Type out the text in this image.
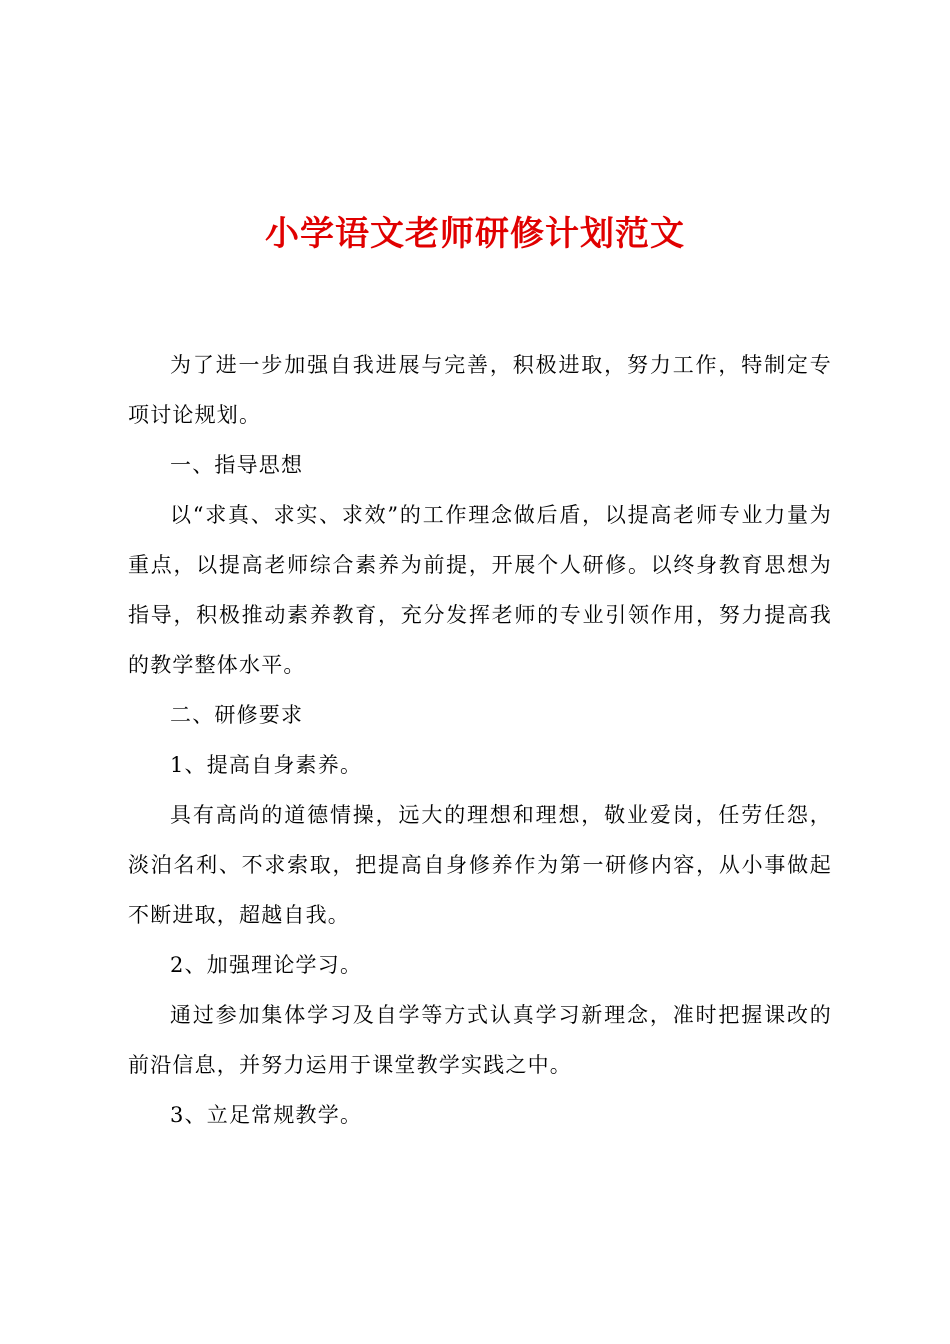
小学语文老师研修计划范文

为了进一步加强自我进展与完善，积极进取，努力工作，特制定专项讨论规划。

一、指导思想

以“求真、求实、求效”的工作理念做后盾，以提高老师专业力量为重点，以提高老师综合素养为前提，开展个人研修。以终身教育思想为指导，积极推动素养教育，充分发挥老师的专业引领作用，努力提高我的教学整体水平。

二、研修要求

1、提高自身素养。

具有高尚的道德情操，远大的理想和理想，敬业爱岗，任劳任怨，淡泊名利、不求索取，把提高自身修养作为第一研修内容，从小事做起不断进取，超越自我。

2、加强理论学习。

通过参加集体学习及自学等方式认真学习新理念，准时把握课改的前沿信息，并努力运用于课堂教学实践之中。

3、立足常规教学。
